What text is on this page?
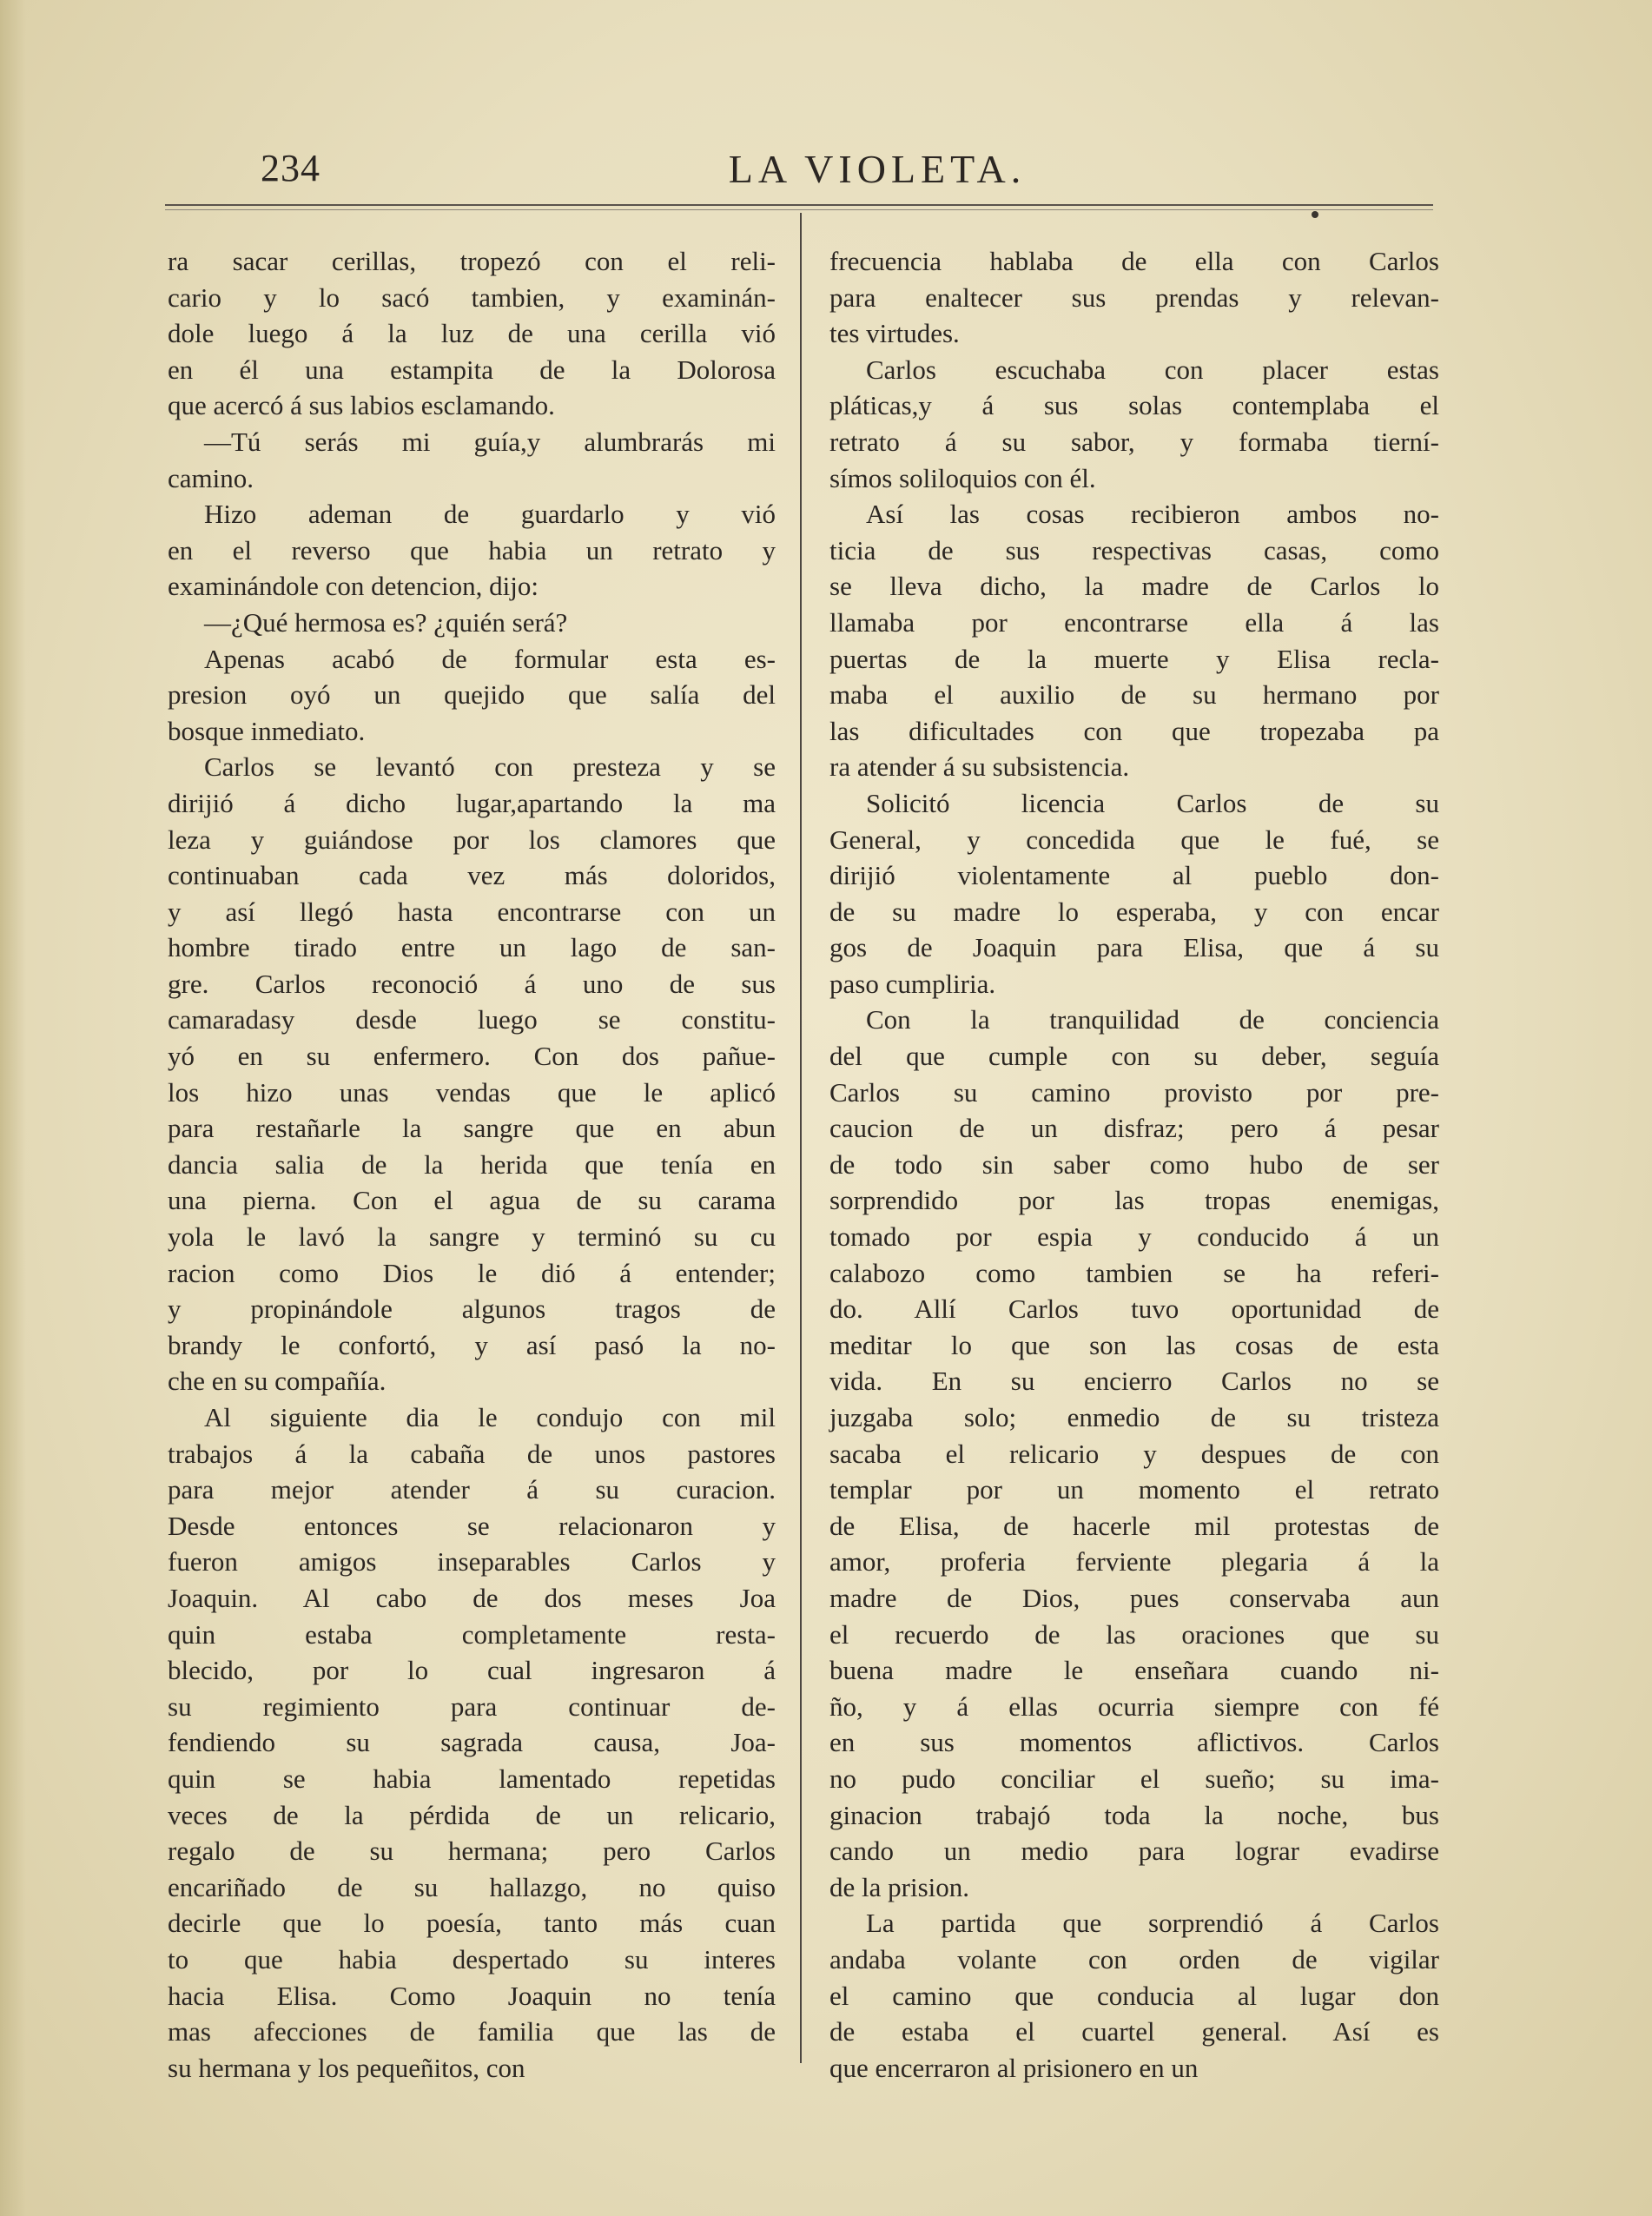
234	LA VIOLETA.
ra sacar cerillas, tropezó con el reli-
cario y lo sacó tambien, y examinán-
dole luego á la luz de una cerilla vió
en él una estampita de la Dolorosa
que acercó á sus labios esclamando.
—Tú serás mi guía,y alumbrarás mi
camino.
Hizo ademan de guardarlo y vió
en el reverso que habia un retrato y
examinándole con detencion, dijo:
—¿Qué hermosa es? ¿quién será?
Apenas acabó de formular esta es-
presion oyó un quejido que salía del
bosque inmediato.
Carlos se levantó con presteza y se
dirijió á dicho lugar,apartando la ma
leza y guiándose por los clamores que
continuaban cada vez más doloridos,
y así llegó hasta encontrarse con un
hombre tirado entre un lago de san-
gre. Carlos reconoció á uno de sus
camaradasy desde luego se constitu-
yó en su enfermero. Con dos pañue-
los hizo unas vendas que le aplicó
para restañarle la sangre que en abun
dancia salia de la herida que tenía en
una pierna. Con el agua de su carama
yola le lavó la sangre y terminó su cu
racion como Dios le dió á entender;
y propinándole algunos tragos de
brandy le confortó, y así pasó la no-
che en su compañía.
Al siguiente dia le condujo con mil
trabajos á la cabaña de unos pastores
para mejor atender á su curacion.
Desde entonces se relacionaron y
fueron amigos inseparables Carlos y
Joaquin. Al cabo de dos meses Joa
quin estaba completamente resta-
blecido, por lo cual ingresaron á
su regimiento para continuar de-
fendiendo su sagrada causa, Joa-
quin se habia lamentado repetidas
veces de la pérdida de un relicario,
regalo de su hermana; pero Carlos
encariñado de su hallazgo, no quiso
decirle que lo poesía, tanto más cuan
to que habia despertado su interes
hacia Elisa. Como Joaquin no tenía
mas afecciones de familia que las de
su hermana y los pequeñitos, con
frecuencia hablaba de ella con Carlos
para enaltecer sus prendas y relevan-
tes virtudes.
Carlos escuchaba con placer estas
pláticas,y á sus solas contemplaba el
retrato á su sabor, y formaba tierní-
símos soliloquios con él.
Así las cosas recibieron ambos no-
ticia de sus respectivas casas, como
se lleva dicho, la madre de Carlos lo
llamaba por encontrarse ella á las
puertas de la muerte y Elisa recla-
maba el auxilio de su hermano por
las dificultades con que tropezaba pa
ra atender á su subsistencia.
Solicitó licencia Carlos de su
General, y concedida que le fué, se
dirijió violentamente al pueblo don-
de su madre lo esperaba, y con encar
gos de Joaquin para Elisa, que á su
paso cumpliria.
Con la tranquilidad de conciencia
del que cumple con su deber, seguía
Carlos su camino provisto por pre-
caucion de un disfraz; pero á pesar
de todo sin saber como hubo de ser
sorprendido por las tropas enemigas,
tomado por espia y conducido á un
calabozo como tambien se ha referi-
do. Allí Carlos tuvo oportunidad de
meditar lo que son las cosas de esta
vida. En su encierro Carlos no se
juzgaba solo; enmedio de su tristeza
sacaba el relicario y despues de con
templar por un momento el retrato
de Elisa, de hacerle mil protestas de
amor, proferia ferviente plegaria á la
madre de Dios, pues conservaba aun
el recuerdo de las oraciones que su
buena madre le enseñara cuando ni-
ño, y á ellas ocurria siempre con fé
en sus momentos aflictivos. Carlos
no pudo conciliar el sueño; su ima-
ginacion trabajó toda la noche, bus
cando un medio para lograr evadirse
de la prision.
La partida que sorprendió á Carlos
andaba volante con orden de vigilar
el camino que conducia al lugar don
de estaba el cuartel general. Así es
que encerraron al prisionero en un
